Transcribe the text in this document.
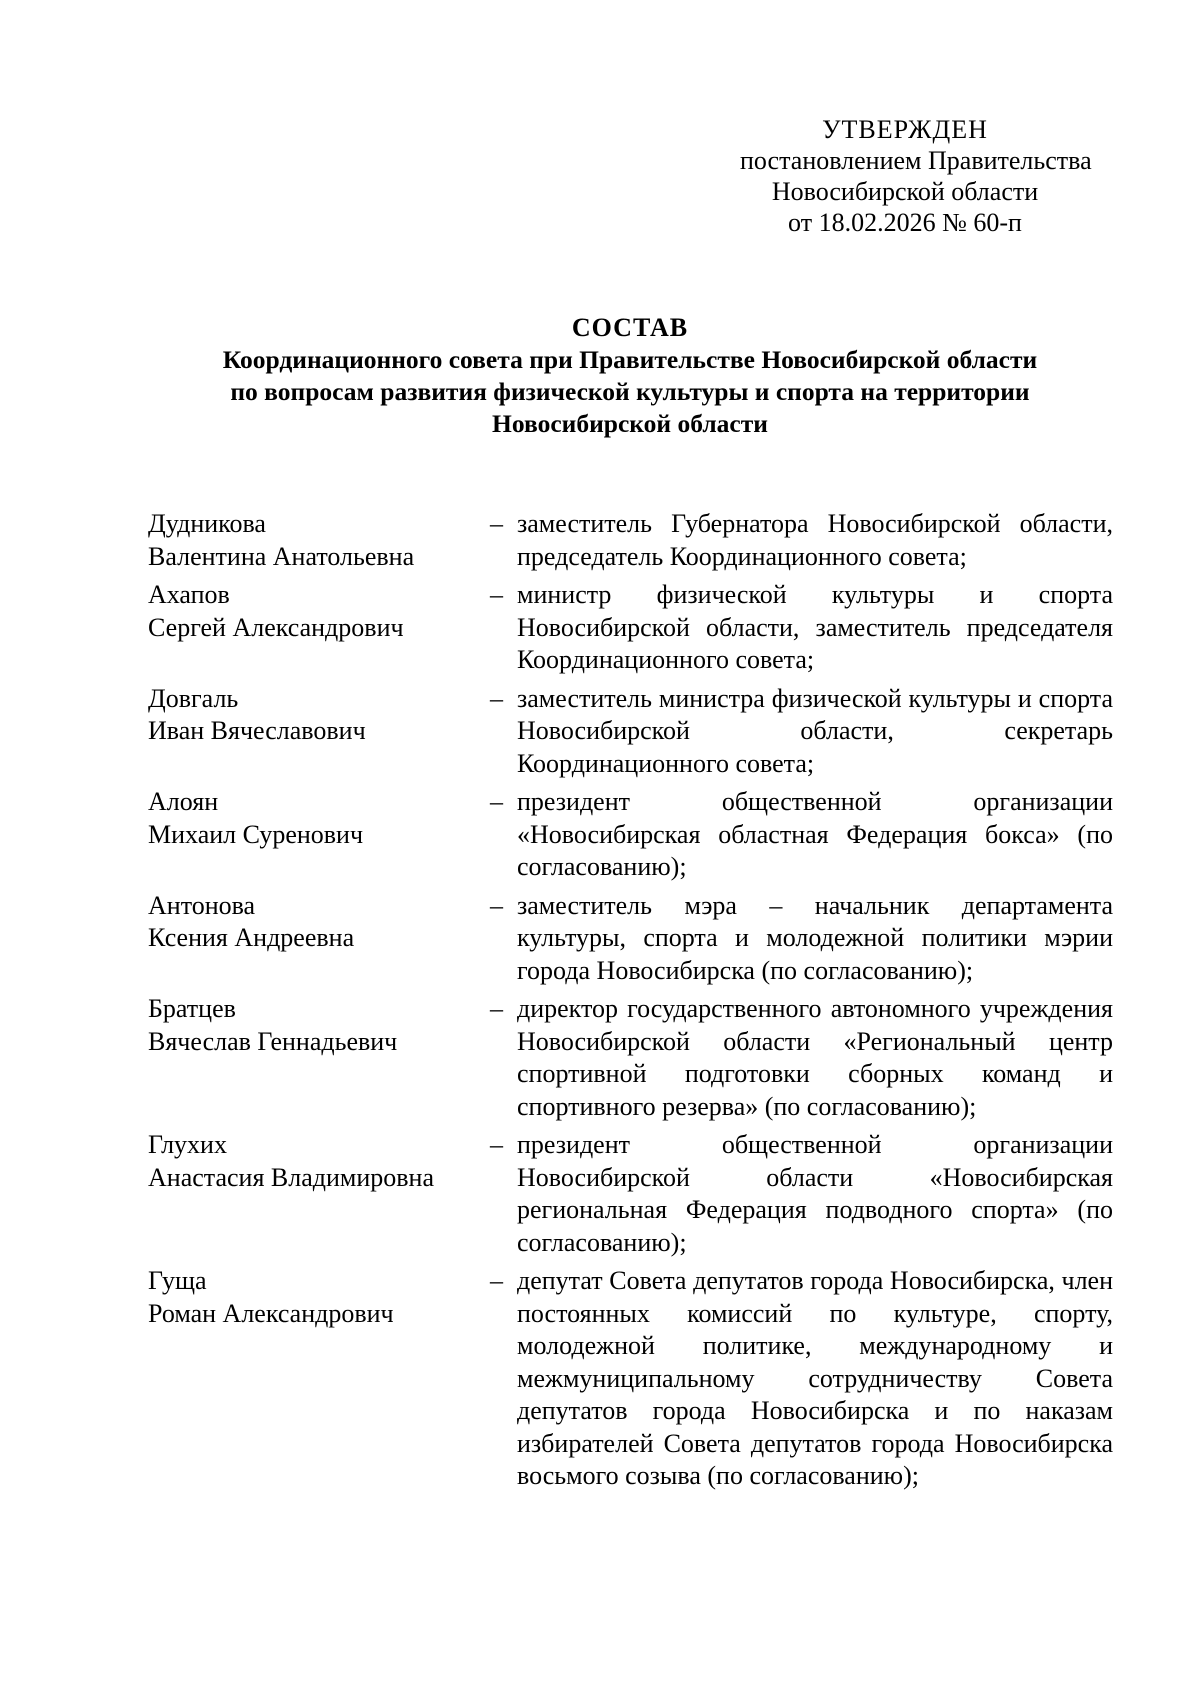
УТВЕРЖДЕН
постановлением Правительства
Новосибирской области
от 18.02.2026 № 60-п
СОСТАВ
Координационного совета при Правительстве Новосибирской области
по вопросам развития физической культуры и спорта на территории
Новосибирской области
Дудникова
Валентина Анатольевна
– заместитель Губернатора Новосибирской области, председатель Координационного совета;
Ахапов
Сергей Александрович
– министр физической культуры и спорта Новосибирской области, заместитель председателя Координационного совета;
Довгаль
Иван Вячеславович
– заместитель министра физической культуры и спорта Новосибирской области, секретарь Координационного совета;
Алоян
Михаил Суренович
– президент общественной организации «Новосибирская областная Федерация бокса» (по согласованию);
Антонова
Ксения Андреевна
– заместитель мэра – начальник департамента культуры, спорта и молодежной политики мэрии города Новосибирска (по согласованию);
Братцев
Вячеслав Геннадьевич
– директор государственного автономного учреждения Новосибирской области «Региональный центр спортивной подготовки сборных команд и спортивного резерва» (по согласованию);
Глухих
Анастасия Владимировна
– президент общественной организации Новосибирской области «Новосибирская региональная Федерация подводного спорта» (по согласованию);
Гуща
Роман Александрович
– депутат Совета депутатов города Новосибирска, член постоянных комиссий по культуре, спорту, молодежной политике, международному и межмуниципальному сотрудничеству Совета депутатов города Новосибирска и по наказам избирателей Совета депутатов города Новосибирска восьмого созыва (по согласованию);
